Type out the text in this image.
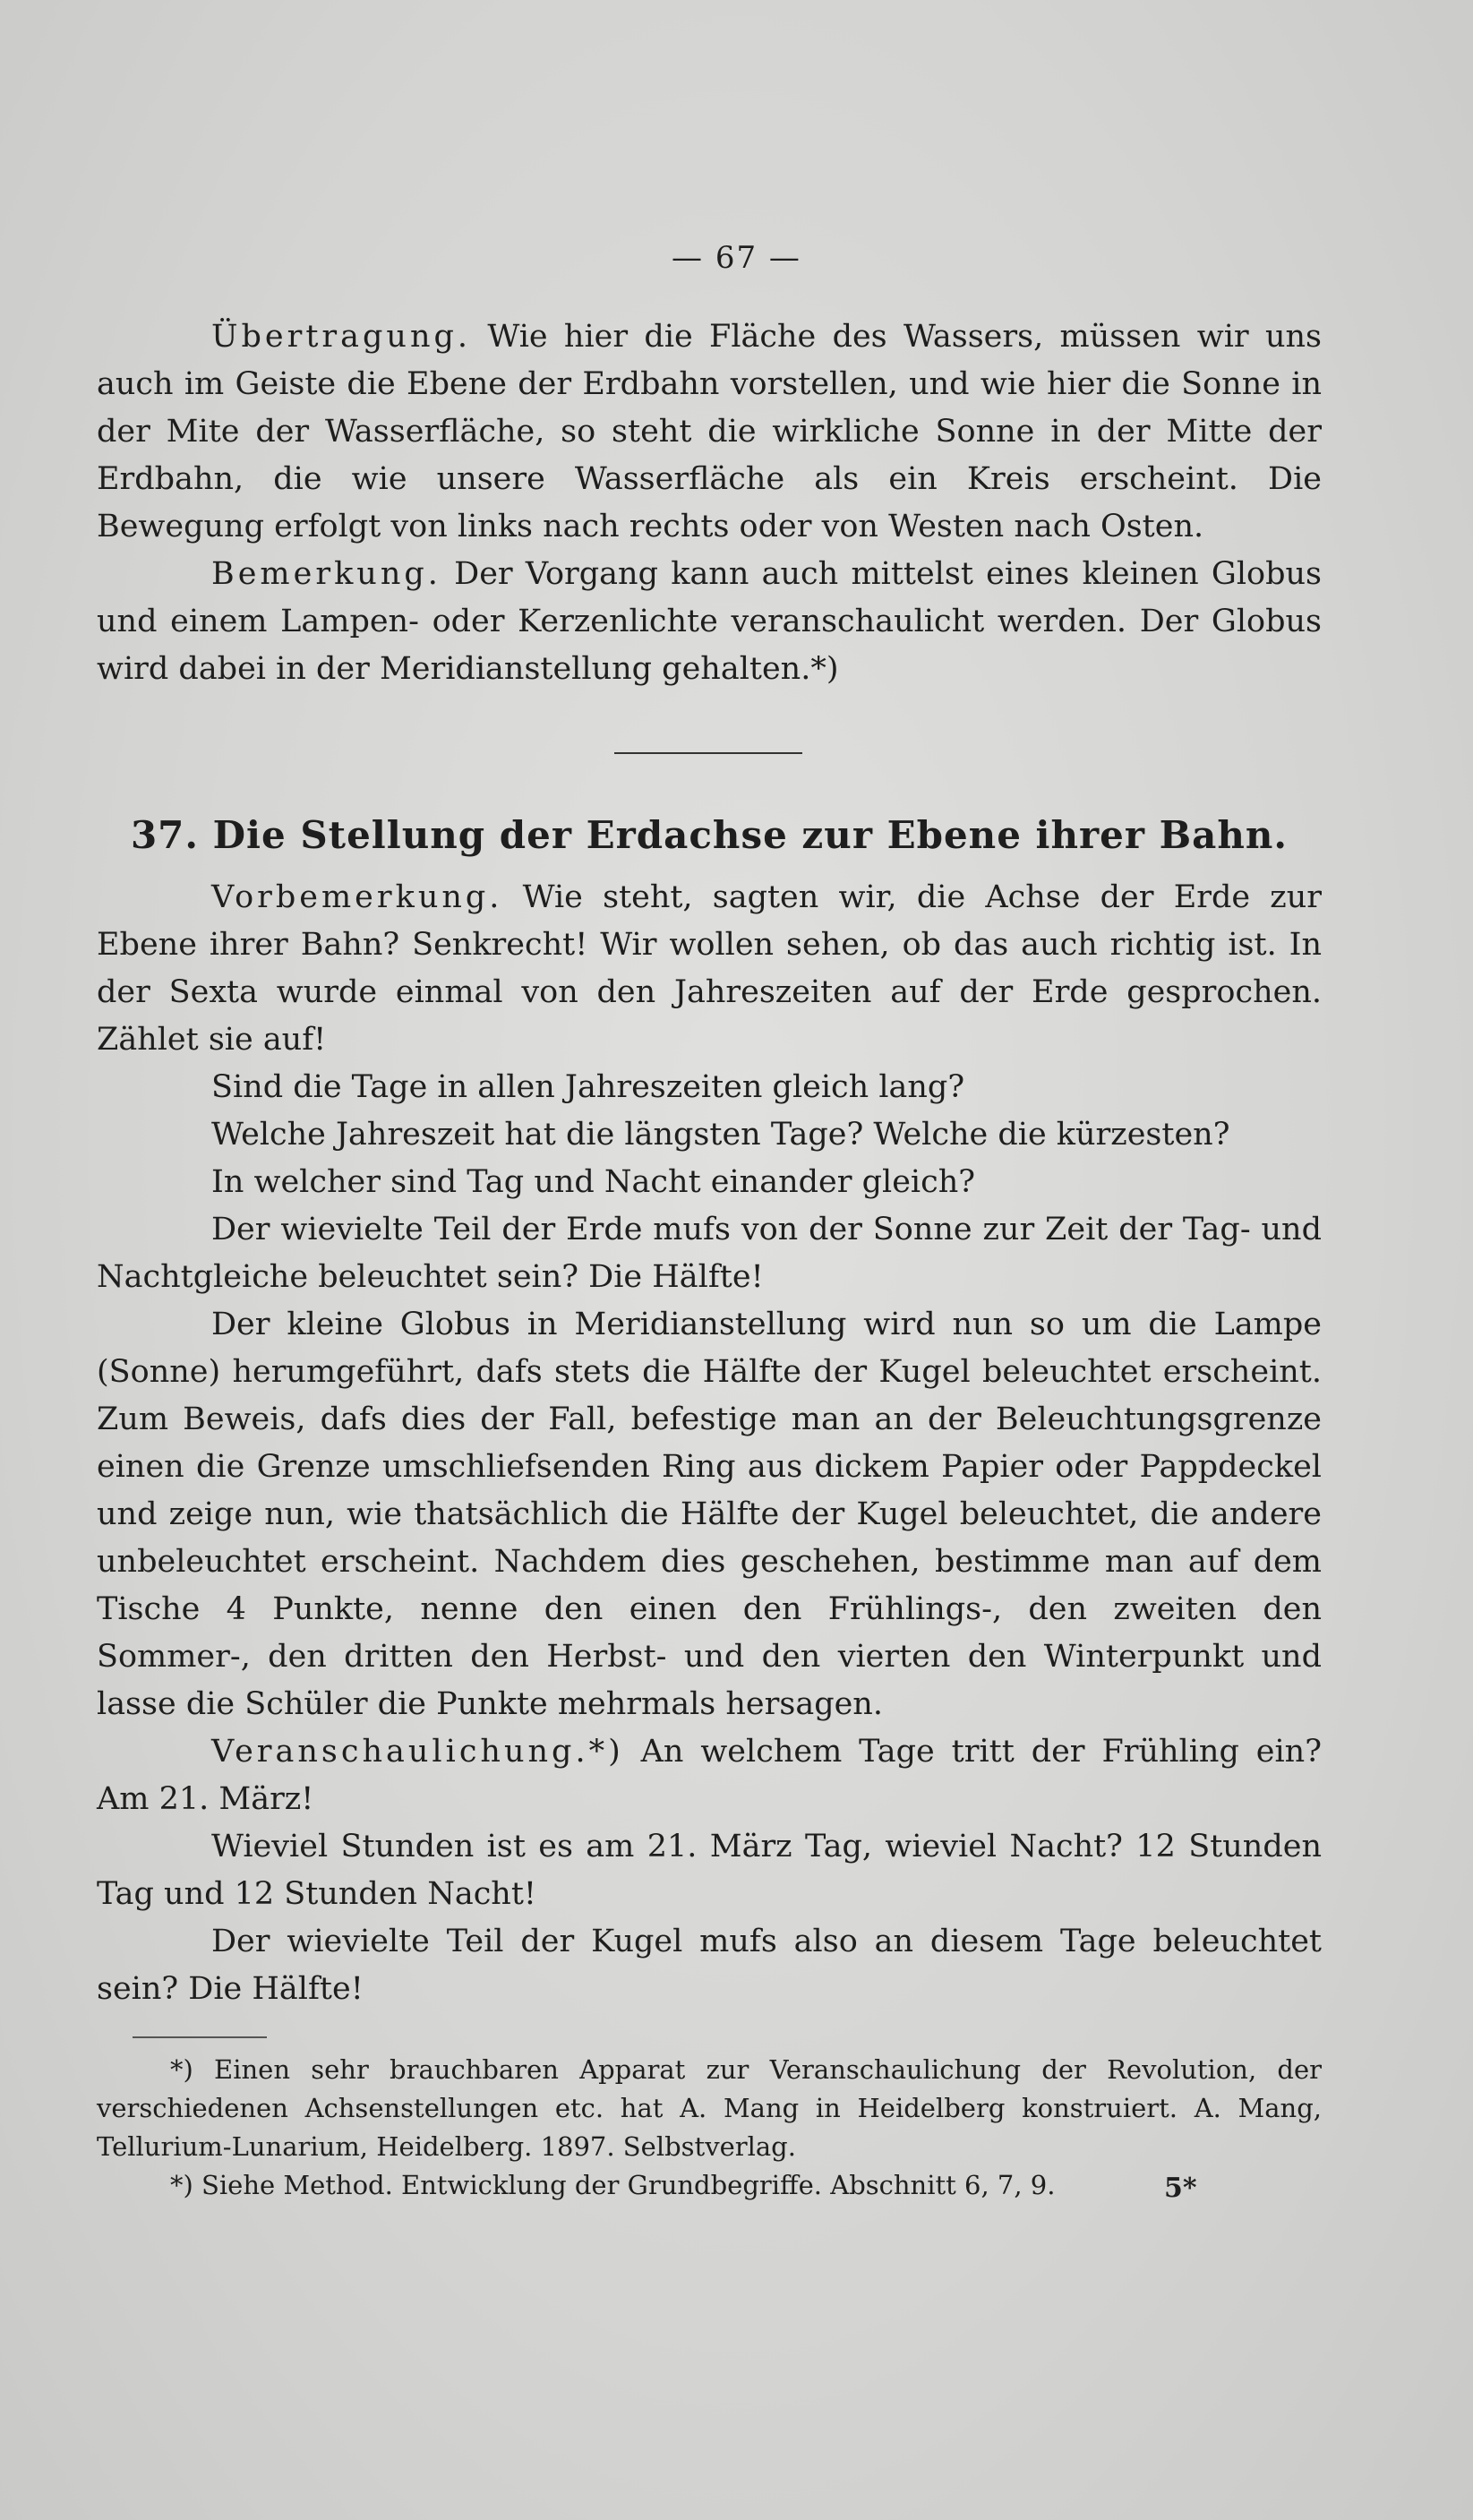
— 67 —

Übertragung. Wie hier die Fläche des Wassers, müssen wir uns auch im Geiste die Ebene der Erdbahn vorstellen, und wie hier die Sonne in der Mite der Wasserfläche, so steht die wirkliche Sonne in der Mitte der Erdbahn, die wie unsere Wasserfläche als ein Kreis erscheint. Die Bewegung erfolgt von links nach rechts oder von Westen nach Osten.

Bemerkung. Der Vorgang kann auch mittelst eines kleinen Globus und einem Lampen- oder Kerzenlichte veranschaulicht werden. Der Globus wird dabei in der Meridianstellung gehalten.*)

37. Die Stellung der Erdachse zur Ebene ihrer Bahn.

Vorbemerkung. Wie steht, sagten wir, die Achse der Erde zur Ebene ihrer Bahn? Senkrecht! Wir wollen sehen, ob das auch richtig ist. In der Sexta wurde einmal von den Jahreszeiten auf der Erde gesprochen. Zählet sie auf!

Sind die Tage in allen Jahreszeiten gleich lang?

Welche Jahreszeit hat die längsten Tage? Welche die kürzesten?

In welcher sind Tag und Nacht einander gleich?

Der wievielte Teil der Erde mufs von der Sonne zur Zeit der Tag- und Nachtgleiche beleuchtet sein? Die Hälfte!

Der kleine Globus in Meridianstellung wird nun so um die Lampe (Sonne) herumgeführt, dafs stets die Hälfte der Kugel beleuchtet erscheint. Zum Beweis, dafs dies der Fall, befestige man an der Beleuchtungsgrenze einen die Grenze umschliefsenden Ring aus dickem Papier oder Pappdeckel und zeige nun, wie thatsächlich die Hälfte der Kugel beleuchtet, die andere unbeleuchtet erscheint. Nachdem dies geschehen, bestimme man auf dem Tische 4 Punkte, nenne den einen den Frühlings-, den zweiten den Sommer-, den dritten den Herbst- und den vierten den Winterpunkt und lasse die Schüler die Punkte mehrmals hersagen.

Veranschaulichung.*) An welchem Tage tritt der Frühling ein? Am 21. März!

Wieviel Stunden ist es am 21. März Tag, wieviel Nacht? 12 Stunden Tag und 12 Stunden Nacht!

Der wievielte Teil der Kugel mufs also an diesem Tage beleuchtet sein? Die Hälfte!

*) Einen sehr brauchbaren Apparat zur Veranschaulichung der Revolution, der verschiedenen Achsenstellungen etc. hat A. Mang in Heidelberg konstruiert. A. Mang, Tellurium-Lunarium, Heidelberg. 1897. Selbstverlag.

*) Siehe Method. Entwicklung der Grundbegriffe. Abschnitt 6, 7, 9.	5*
